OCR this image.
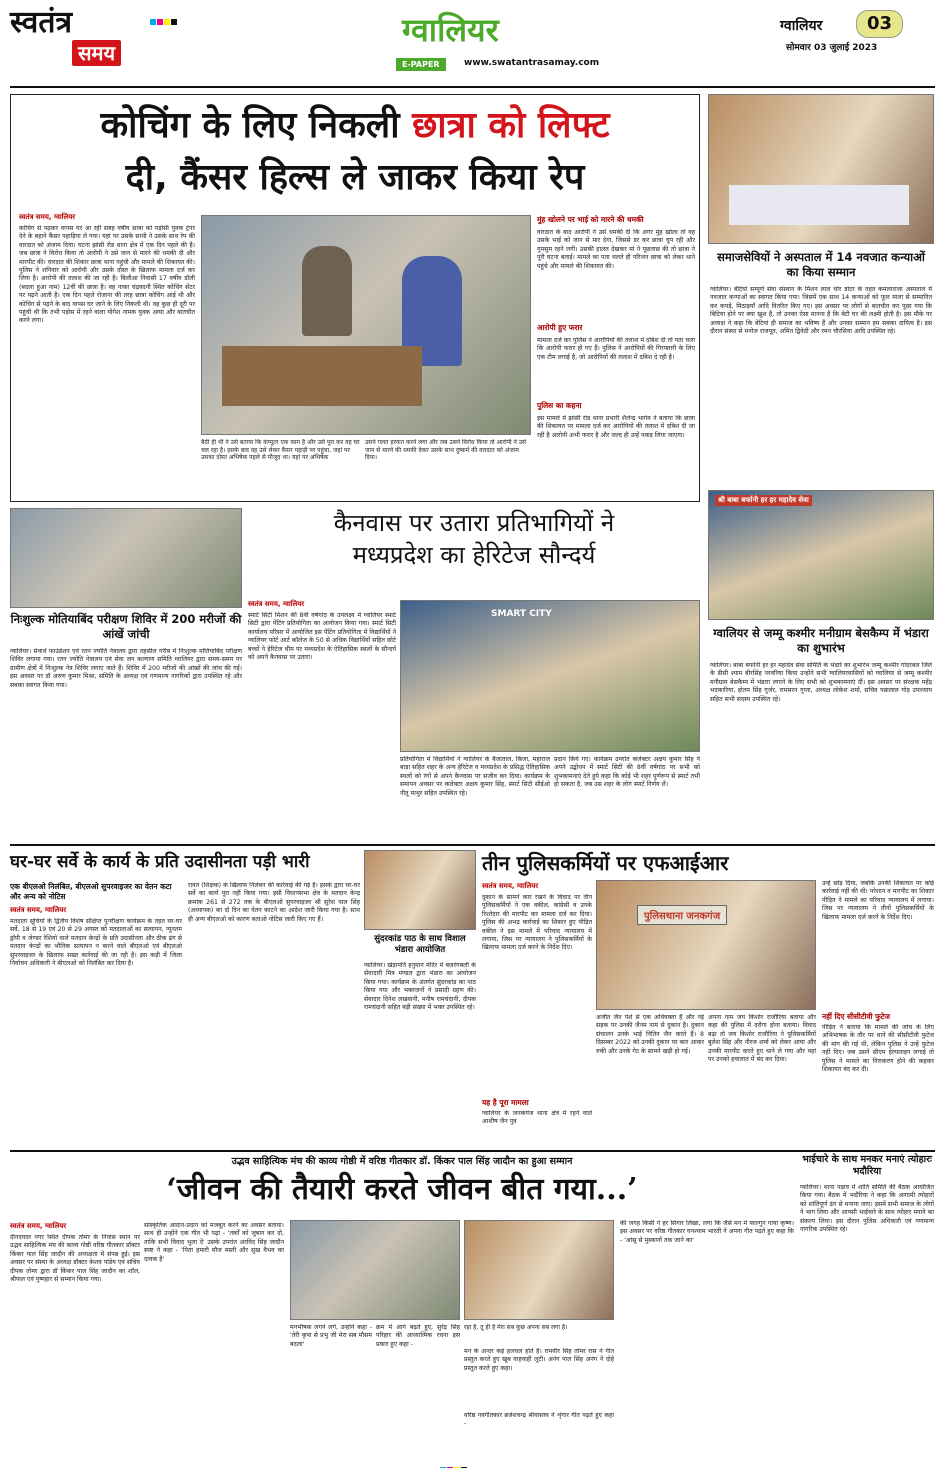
स्वतंत्र
समय
ग्वालियर
E-PAPER	www.swatantrasamay.com
ग्वालियर	03
सोमवार 03 जुलाई 2023
कोचिंग के लिए निकली छात्रा को लिफ्ट
दी, कैंसर हिल्स ले जाकर किया रेप
स्वतंत्र समय, ग्वालियर
कोचिंग से पढ़कर वापस घर आ रही सत्रह वर्षीय छात्रा को पड़ोसी युवक ट्रेनर देने के बहाने कैंसर पहाड़िया ले गया। यहां पर उसके साथी ने उसके साथ रेप की वारदात को अंजाम दिया। घटना झांसी रोड थाना क्षेत्र में एक दिन पहले की है। जब छात्रा ने विरोध किया तो आरोपी ने उसे जान से मारने की धमकी दी और मारपीट की। वारदात की शिकार छात्रा थाना पहुंची और मामले की शिकायत की। पुलिस ने शनिवार को आरोपी और उसके दोस्त के खिलाफ मामला दर्ज कर लिया है। आरोपी की तलाश की जा रही है। बिलौआ निवासी 17 वर्षीय डॉली (बदला हुआ नाम) 12वीं की छात्रा है। वह नाका चंद्रवदनी स्थित कोचिंग सेंटर पर पढ़ने आती है। एक दिन पहले रोजाना की तरह छात्रा कोचिंग आई थी और कोचिंग से पढ़ने के बाद वापस घर जाने के लिए निकली थी। वह कुछ ही दूरी पर पहुंची थी कि तभी पड़ोस में रहने वाला योगेश नामक युवक आया और बातचीत करने लगा।
बैठी ही थीं ने उसे बताया कि कंप्यूटर एक काम है और उसे पूरा कर वह घर चल रहा है। इसके बाद वह उसे लेकर कैंसर पहाड़ी पर पहुंचा, जहां पर उसका दोस्त अभिषेक पहले से मौजूद था। यहां पर अभिषेक
उसने गलत हरकत करने लगा और जब उसने विरोध किया तो आरोपी ने उसे जान से मारने की धमकी देकर उसके साथ दुष्कर्म की वारदात को अंजाम दिया।
मुंह खोलने पर भाई को मारने की धमकी
वारदात के बाद आरोपी ने उसे धमकी दी कि अगर मुंह खोला तो वह उसके भाई को जान से मार देगा, जिससे डर कर छात्रा चुप रही और गुमसुम रहने लगी। उसकी हालत देखकर मां ने पूछताछ की तो छात्रा ने पूरी घटना बताई। मामले का पता चलते ही परिजन छात्रा को लेकर थाने पहुंचे और मामले की शिकायत की।
आरोपी हुए फरार
मामला दर्ज कर पुलिस ने आरोपियों की तलाश में दबिश दी तो पता चला कि आरोपी फरार हो गए हैं। पुलिस ने आरोपियों की गिरफ्तारी के लिए एक टीम लगाई है, जो आरोपियों की तलाश में दबिश दे रही है।
पुलिस का कहना
इस मामले में झांसी रोड थाना प्रभारी शैलेन्द्र भार्गव ने बताया कि छात्रा की शिकायत पर मामला दर्ज कर आरोपियों की तलाश में दबिश दी जा रही है आरोपी अभी फरार है और जल्द ही उन्हें पकड़ लिया जाएगा।
समाजसेवियों ने अस्पताल में 14 नवजात कन्याओं का किया सम्मान
ग्वालियर। बेटियां सम्पूर्ण सेवा संस्थान के मिशन लाल चोर डोटर के तहत कमलाराजा अस्पताल में नवजात कन्याओं का स्वागत किया गया। जिसमें एक साथ 14 कन्याओं को फूल माला से सम्मानित कर कपड़े, मिठाइयाँ आदि वितरित किए गए। इस अवसर पर लोगों से बातचीत कर पूछा गया कि बिटिया होने पर क्या खुश हैं, तो उनका ऐसा मानना है कि बेटी घर की लक्ष्मी होती है। इस मौके पर अध्यक्ष ने कहा कि बेटियां ही समाज का भविष्य हैं और उनका सम्मान हम सबका दायित्व है। इस दौरान संस्था से मनोज राजपूत, अमित द्विवेदी और रमन चौरसिया आदि उपस्थित रहे।
कैनवास पर उतारा प्रतिभागियों ने
मध्यप्रदेश का हेरिटेज सौन्दर्य
स्वतंत्र समय, ग्वालियर
स्मार्ट सिटी मिशन की 8वीं वर्षगांठ के उपलक्ष्य में ग्वालियर स्मार्ट सिटी द्वारा पेंटिंग प्रतियोगिता का आयोजन किया गया। स्मार्ट सिटी कार्यालय परिसर में आयोजित इस पेंटिंग प्रतियोगिता में विद्यार्थियों ने ग्वालियर फोर्ट आर्ट कॉलेज के 50 से अधिक विद्यार्थियों सहित छोटे बच्चों ने हेरिटेज थीम पर मध्यप्रदेश के ऐतिहासिक स्थलों के सौन्दर्य को अपने कैनवास पर उतारा।
SMART CITY
प्रतियोगिता में विद्यार्थियों ने ग्वालियर के बैजाताल, किला, महाराज बाड़ा सहित शहर के अन्य हेरिटेज व मध्यप्रदेश के प्रसिद्ध ऐतिहासिक स्थलों को रंगों से अपने कैनवास पर सजीव कर दिया। कार्यक्रम के समापन अवसर पर कलेक्टर अक्षय कुमार सिंह, स्मार्ट सिटी सीईओ नीतू माथुर सहित उपस्थित रहे।
प्रदान किये गए। कार्यक्रम उपरांत कलेक्टर अक्षय कुमार सिंह ने अपने उद्बोधन में स्मार्ट सिटी की 8वीं वर्षगांठ पर सभी को शुभकामनाएं देते हुये कहा कि कोई भी शहर पूर्णरूप से स्मार्ट तभी हो सकता है, जब उस शहर के लोग स्मार्ट निर्णय लें।
निःशुल्क मोतियाबिंद परीक्षण शिविर में 200 मरीजों की आंखें जांची
ग्वालियर। सेवार्थ फाउंडेशन एवं रतन ज्योति नेत्रालय द्वारा तहसील गरीब में निःशुल्क मोतियाबिंद परीक्षण शिविर लगाया गया। रतन ज्योति नेत्रालय एवं सेवा जन कल्याण समिति ग्वालियर द्वारा समय-समय पर ग्रामीण क्षेत्रों में निःशुल्क नेत्र शिविर लगाए जाते हैं। शिविर में 200 मरीजों की आंखों की जांच की गई। इस अवसर पर डॉ अरुण कुमार मिश्रा, समिति के अध्यक्ष एवं गणमान्य नागरिकों द्वारा उपस्थित रहे और सबका स्वागत किया गया।
श्री बाबा बर्फानी हर हर महादेव सेवा
ग्वालियर से जम्मू कश्मीर मनीग्राम बेसकैम्प में भंडारा का शुभारंभ
ग्वालियर। बाबा बर्फानी हर हर महादेव सेवा समिति के भंडारे का शुभारंभ जम्मू कश्मीर गांदरबल जिले के डीसी श्याम बीरसिंह नरवरिया किया उन्होंने सभी ग्वालियरवासियों को ग्वालियर से जम्मू कश्मीर मनीग्राम बेसकैम्प में भंडारा लगाने के लिए सभी को शुभकामनाएं दीं। इस अवसर पर संरक्षक महेंद्र भदकारिया, होतम सिंह गुर्जर, रामसरन गुप्ता, अध्यक्ष लोकेश शर्मा, सचिव पन्नालाल गोड़ उपाध्याय सहित सभी सदस्य उपस्थित रहे।
घर-घर सर्वे के कार्य के प्रति उदासीनता पड़ी भारी
एक बीएलओ निलंबित, बीएलओ सुपरवाइजर का वेतन कटा और अन्य को नोटिस
स्वतंत्र समय, ग्वालियर
मतदाता सूचियों के द्वितीय विशेष संक्षिप्त पुनरीक्षण कार्यक्रम के तहत घर-घर सर्वे, 18 से 19 एवं 20 से 29 अगस्त को मतदाताओं का सत्यापन, न्यूनतम ड्रॉपी व जेण्डर रेशियो वाले मतदान केन्द्रों के प्रति उदासीनता और ठीक ढंग से मतदान केन्द्रों का भौतिक सत्यापन न करने वाले बीएलओ एवं बीएलओ सुपरवाइजर के खिलाफ सख्त कार्रवाई की जा रही है। इस कड़ी में जिला निर्वाचन अधिकारी ने बीएलओ को निलंबित कर दिया है।
रावत (शिक्षक) के खिलाफ निलंबन की कार्रवाई की गई है। इसके द्वारा घर-घर सर्वे का कार्य पूरा नहीं किया गया। इसी विधानसभा क्षेत्र के मतदान केन्द्र क्रमांक 261 से 272 तक के बीएलओ सुपरवाइजर श्री सुरेश पाल सिंह (अध्यापक) का दो दिन का वेतन काटने का आदेश जारी किया गया है। साथ ही अन्य बीएलओ को कारण बताओ नोटिस जारी किए गए हैं।
सुंदरकांड पाठ के साथ विशाल भंडारा आयोजित
ग्वालियर। खेड़ापति हनुमान मंदिर में बजरंगबली के सेवादारी मित्र मण्डल द्वारा भंडारा का आयोजन किया गया। कार्यक्रम के अंतर्गत सुंदरकांड का पाठ किया गया और भक्तजनों ने प्रसादी ग्रहण की। सेवादार दिनेश लखवानी, मनीष रामचंदानी, दीपक रामचंदानी सहित बड़ी संख्या में भक्त उपस्थित रहे।
तीन पुलिसकर्मियों पर एफआईआर
स्वतंत्र समय, ग्वालियर
दुकान के सामने कार रखने के विवाद पर तीन पुलिसकर्मियों ने एक वकील, कांग्रेसी व उनके रिश्तेदार की मारपीट कर मामला दर्ज कर दिया। पुलिस की अभद्र कार्रवाई का शिकार हुए पीड़ित वकील ने इस मामले में परिवाद न्यायालय में लगाया, जिस पर न्यायालय ने पुलिसकर्मियों के खिलाफ मामला दर्ज करने के निर्देश दिए।
यह है पूरा मामला
ग्वालियर के जनकगंज थाना क्षेत्र में रहने वाले आशीष जैन पुत्र
पुलिसथाना जनकगंज
अजीत जैन पेशे से एक अधिवक्ता हैं और नई सड़क पर उनकी जैनम नाम से दुकान है। दुकान संचालन उनके भाई नितिन जैन करते हैं। 8 दिसम्बर 2022 को उनकी दुकान पर कार आकर रुकी और उनके गेट के सामने खड़ी हो गई।
अपना नाम जय किशोर राजौरिया बताया और कहा की पुलिस में दरोगा होना बताया। विवाद बढ़ा तो जय किशोर राजौरिया ने पुलिसकर्मियों बुलेश सिंह और नीरज शर्मा को लेकर आया और उनकी मारपीट करते हुए थाने ले गया और वहां पर उनको हवालात में बंद कर दिया।
उन्हें छोड़ दिया, जबकि उनकी शिकायत पर कोई कार्रवाई नहीं की थी। परेशान व मारपीट का शिकार पीड़ित ने मामले का परिवाद न्यायालय में लगाया। जिस पर न्यायालय ने तीनों पुलिसकर्मियों के खिलाफ मामला दर्ज करने के निर्देश दिए।
नहीं दिए सीसीटीवी फुटेज
पीड़ित ने बताया कि मामले की जांच के लिए अभिभाषक के तौर पर थाने की सीसीटीवी फुटेज की मांग की गई थी, लेकिन पुलिस ने उन्हें फुटेज नहीं दिए। जब उसने सीएम हेल्पलाइन लगाई तो पुलिस ने मामले का निराकरण होने की कहकर शिकायत बंद कर दी।
उद्भव साहित्यिक मंच की काव्य गोष्ठी में वरिष्ठ गीतकार डॉ. किंकर पाल सिंह जादौन का हुआ सम्मान
‘जीवन की तैयारी करते जीवन बीत गया...’
स्वतंत्र समय, ग्वालियर
दीनदयाल नगर स्थित दीपक तोमर के निवास स्थान पर उद्भव साहित्यिक मंच की काव्य गोष्ठी वरिष्ठ गीतकार डॉक्टर किंकर पाल सिंह जादौन की अध्यक्षता में संपन्न हुई। इस अवसर पर संस्था के अध्यक्ष डॉक्टर केशव पांडेय एवं सचिव दीपक तोमर द्वारा डॉ किंकर पाल सिंह जादौन का शॉल, श्रीफल एवं पुष्पहार से सम्मान किया गया।
सांस्कृतिक आदान-प्रदान को मजबूत करने का अवसर बताया। साथ ही उन्होंने एक गीत भी पढ़ा - 'तर्कों को जुबान कर दो, ताकि सभी विवाद भुला दें' उसके उपरांत अरविंद सिंह जादौन स्पष्ट ने कहा - 'पिता हमारी मौज मस्ती और सुख वैभव का दायक है'
रहा है, तू ही है मेरा सब कुछ अपना सब लगा है।
मनभीषक लगने लगे, उन्होंने कहा - 'तेरी कृपा से प्रभु जी मेरा सब मौसम बदला'
क्रम में आगे बढ़ते हुए, सुरेंद्र सिंह परिहार की आध्यात्मिक रचना इस प्रकार हुए कहा -
मन के अन्दर कई हलचल होते हैं। रामवीर सिंह तोमर रास ने गीत प्रस्तुत करते हुए खूब वाहवाही लूटी। अनंग पाल सिंह अनंग ने दोहे प्रस्तुत करते हुए कहा।
वरिष्ठ नवगीतकार ब्रजेशचन्द्र श्रीवास्तव ने शृंगार गीत पढ़ते हुए कहा -
की जगह किसी ने हर सिंगार लिखा, लगा कि जैसे मन में फाल्गुन गाया कृष्ण। इस अवसर पर वरिष्ठ गीतकार घनश्याम भारती ने अपना गीत पढ़ते हुए कहा कि - 'आंसू से मुस्कानों तक जाने का'
भाईचारे के साथ मनकर मनाएं त्योहारः भदौरिया
ग्वालियर। थाना पड़ाव में शांति समिति की बैठक आयोजित किया गया। बैठक में भदौरिया ने कहा कि आगामी त्योहारों को शांतिपूर्ण ढंग से मनाया जाए। इसमें सभी समाज के लोगों ने भाग लिया और आपसी भाईचारे के साथ त्योहार मनाने का संकल्प लिया। इस दौरान पुलिस अधिकारी एवं गणमान्य नागरिक उपस्थित रहे।
